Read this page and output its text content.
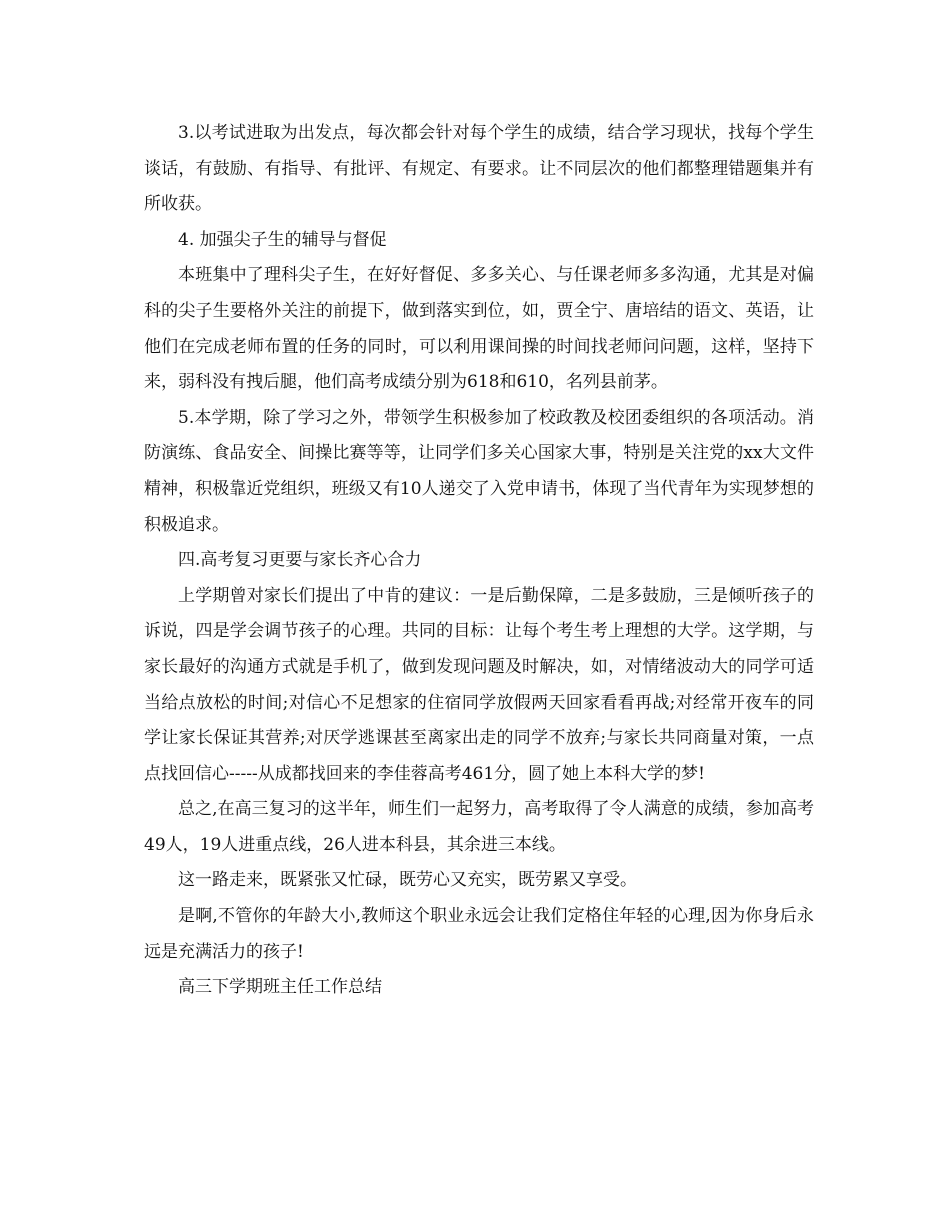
3.以考试进取为出发点，每次都会针对每个学生的成绩，结合学习现状，找每个学生谈话，有鼓励、有指导、有批评、有规定、有要求。让不同层次的他们都整理错题集并有所收获。

4. 加强尖子生的辅导与督促

本班集中了理科尖子生，在好好督促、多多关心、与任课老师多多沟通，尤其是对偏科的尖子生要格外关注的前提下，做到落实到位，如，贾全宁、唐培结的语文、英语，让他们在完成老师布置的任务的同时，可以利用课间操的时间找老师问问题，这样，坚持下来，弱科没有拽后腿，他们高考成绩分别为618和610，名列县前茅。

5.本学期，除了学习之外，带领学生积极参加了校政教及校团委组织的各项活动。消防演练、食品安全、间操比赛等等，让同学们多关心国家大事，特别是关注党的xx大文件精神，积极靠近党组织，班级又有10人递交了入党申请书，体现了当代青年为实现梦想的积极追求。

四.高考复习更要与家长齐心合力

上学期曾对家长们提出了中肯的建议：一是后勤保障，二是多鼓励，三是倾听孩子的诉说，四是学会调节孩子的心理。共同的目标：让每个考生考上理想的大学。这学期，与家长最好的沟通方式就是手机了，做到发现问题及时解决，如，对情绪波动大的同学可适当给点放松的时间;对信心不足想家的住宿同学放假两天回家看看再战;对经常开夜车的同学让家长保证其营养;对厌学逃课甚至离家出走的同学不放弃;与家长共同商量对策，一点点找回信心-----从成都找回来的李佳蓉高考461分，圆了她上本科大学的梦!

总之,在高三复习的这半年，师生们一起努力，高考取得了令人满意的成绩，参加高考49人，19人进重点线，26人进本科县，其余进三本线。

这一路走来，既紧张又忙碌，既劳心又充实，既劳累又享受。

是啊,不管你的年龄大小,教师这个职业永远会让我们定格住年轻的心理,因为你身后永远是充满活力的孩子!

高三下学期班主任工作总结
